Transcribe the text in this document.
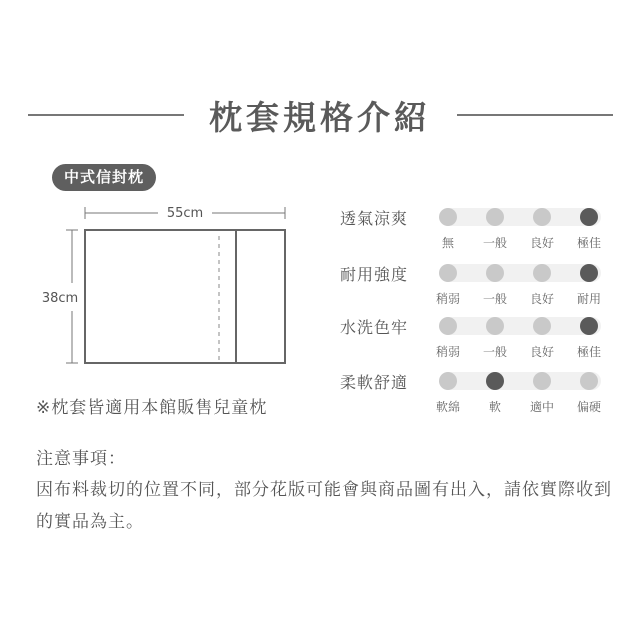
枕套規格介紹
中式信封枕
55cm
38cm
※枕套皆適用本館販售兒童枕
透氣涼爽
無	一般	良好	極佳
耐用強度
稍弱	一般	良好	耐用
水洗色牢
稍弱	一般	良好	極佳
柔軟舒適
軟綿	軟	適中	偏硬
注意事項：
因布料裁切的位置不同，部分花版可能會與商品圖有出入，請依實際收到的實品為主。
